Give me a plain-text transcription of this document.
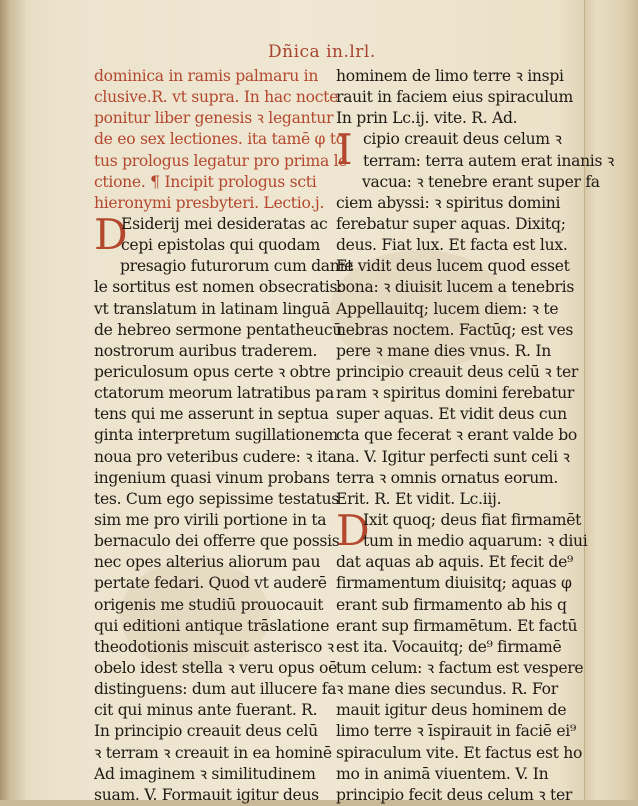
Dñica in.lrl.
dominica in ramis palmaru in
clusive.R. vt supra. In hac nocte
ponitur liber genesis ꝛ legantur
de eo sex lectiones. ita tamē φ to
tus prologus legatur pro prima le
ctione. ¶ Incipit prologus scti
hieronymi presbyteri. Lectio.j.
D
Esiderij mei desideratas ac
cepi epistolas qui quodam
presagio futurorum cum danie
le sortitus est nomen obsecratis:
vt translatum in latinam linguā
de hebreo sermone pentatheucū
nostrorum auribus traderem.
periculosum opus certe ꝛ obtre
ctatorum meorum latratibus pa
tens qui me asserunt in septua
ginta interpretum sugillationem
noua pro veteribus cudere: ꝛ ita
ingenium quasi vinum probans
tes. Cum ego sepissime testatus
sim me pro virili portione in ta
bernaculo dei offerre que possis
nec opes alterius aliorum pau
pertate fedari. Quod vt auderē
origenis me studiū prouocauit
qui editioni antique trāslatione
theodotionis miscuit asterisco ꝛ
obelo idest stella ꝛ veru opus oē
distinguens: dum aut illucere fa
cit qui minus ante fuerant. R.
In principio creauit deus celū
ꝛ terram ꝛ creauit in ea hominē
Ad imaginem ꝛ similitudinem
suam. V. Formauit igitur deus
hominem de limo terre ꝛ inspi
rauit in faciem eius spiraculum
In prin Lc.ij. vite. R. Ad.
I cipio creauit deus celum ꝛ
terram: terra autem erat inanis ꝛ
vacua: ꝛ tenebre erant super fa
ciem abyssi: ꝛ spiritus domini
ferebatur super aquas. Dixitq;
deus. Fiat lux. Et facta est lux.
Et vidit deus lucem quod esset
bona: ꝛ diuisit lucem a tenebris
Appellauitq; lucem diem: ꝛ te
nebras noctem. Factūq; est ves
pere ꝛ mane dies vnus. R. In
principio creauit deus celū ꝛ ter
ram ꝛ spiritus domini ferebatur
super aquas. Et vidit deus cun
cta que fecerat ꝛ erant valde bo
na. V. Igitur perfecti sunt celi ꝛ
terra ꝛ omnis ornatus eorum.
Erit. R. Et vidit. Lc.iij.
D
Ixit quoq; deus fiat firmamēt
tum in medio aquarum: ꝛ diui
dat aquas ab aquis. Et fecit de⁹
firmamentum diuisitq; aquas φ
erant sub firmamento ab his q
erant sup firmamētum. Et factū
est ita. Vocauitq; de⁹ firmamē
tum celum: ꝛ factum est vespere
ꝛ mane dies secundus. R. For
mauit igitur deus hominem de
limo terre ꝛ īspirauit in faciē ei⁹
spiraculum vite. Et factus est ho
mo in animā viuentem. V. In
principio fecit deus celum ꝛ ter
